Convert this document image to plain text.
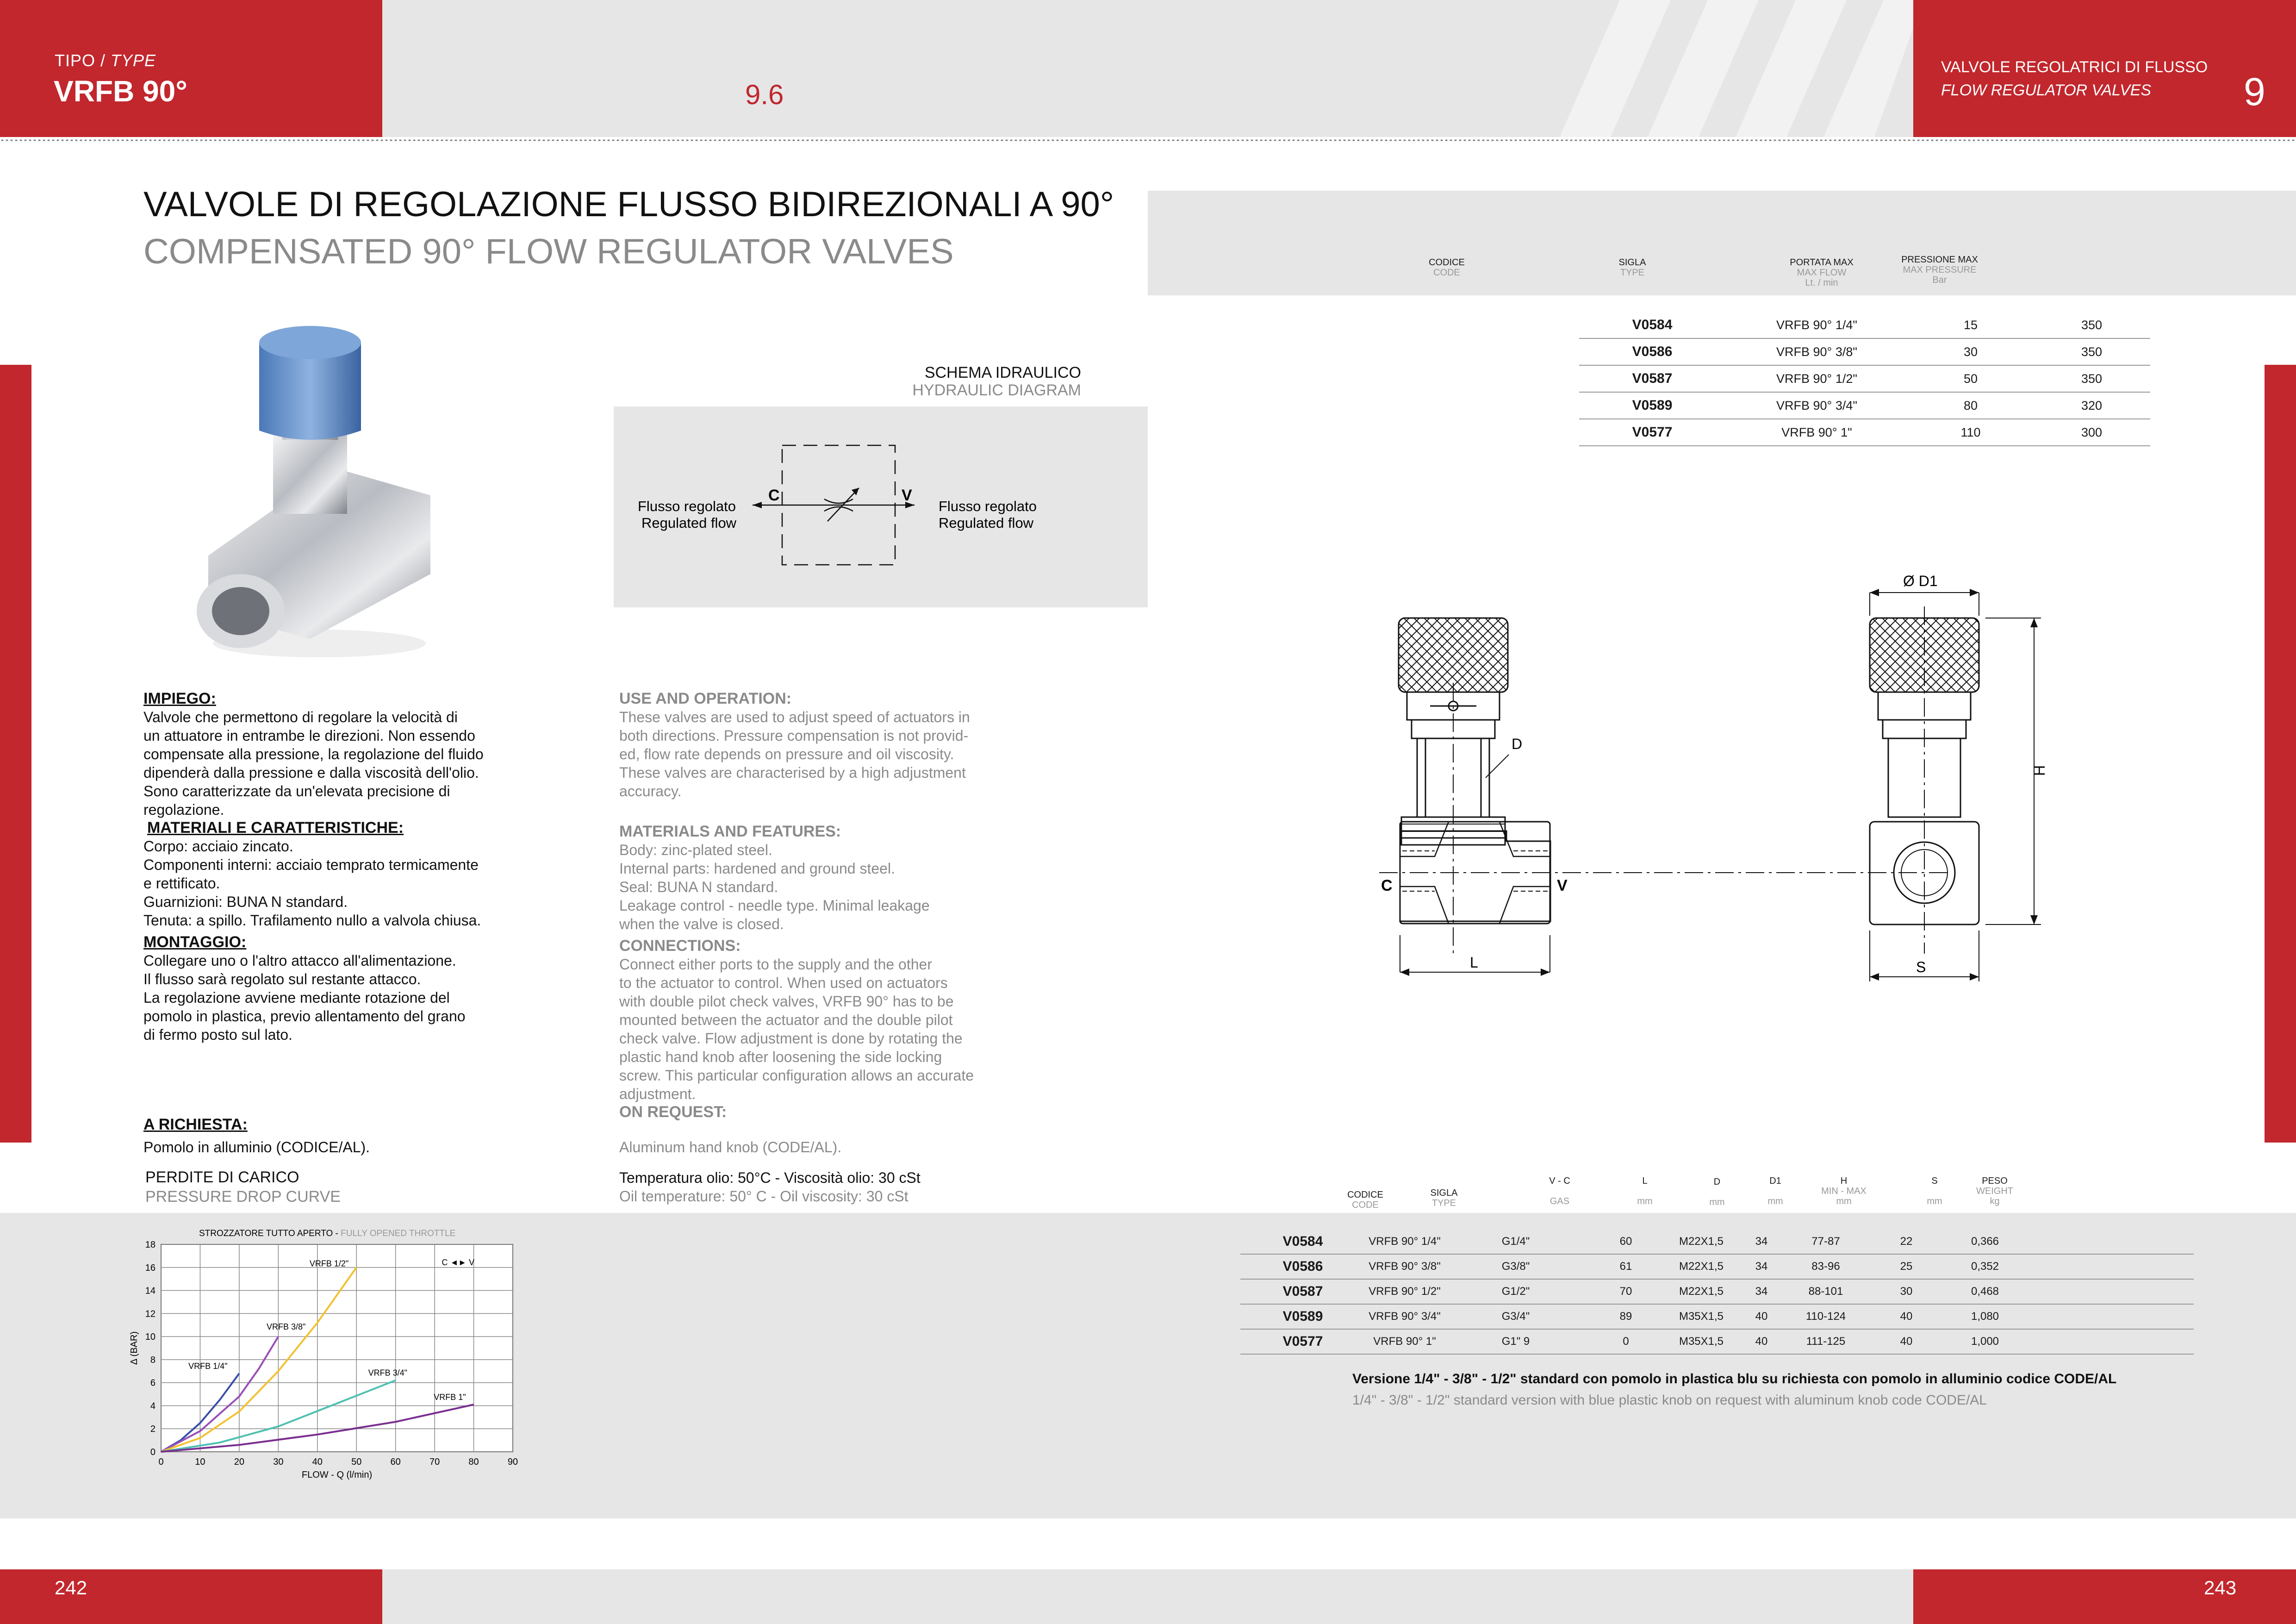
TIPO / TYPE
VRFB 90°	9.6
VALVOLE REGOLATRICI DI FLUSSO
FLOW REGULATOR VALVES 9
VALVOLE DI REGOLAZIONE FLUSSO BIDIREZIONALI A 90°
COMPENSATED 90° FLOW REGULATOR VALVES
SCHEMA IDRAULICO
HYDRAULIC DIAGRAM
C	V
Flusso regolato
Regulated flow
Flusso regolato
Regulated flow
IMPIEGO:
Valvole che permettono di regolare la velocità di
un attuatore in entrambe le direzioni. Non essendo
compensate alla pressione, la regolazione del fluido
dipenderà dalla pressione e dalla viscosità dell'olio.
Sono caratterizzate da un'elevata precisione di
regolazione.
MATERIALI E CARATTERISTICHE:
Corpo: acciaio zincato.
Componenti interni: acciaio temprato termicamente
e rettificato.
Guarnizioni: BUNA N standard.
Tenuta: a spillo. Trafilamento nullo a valvola chiusa.
MONTAGGIO:
Collegare uno o l'altro attacco all'alimentazione.
Il flusso sarà regolato sul restante attacco.
La regolazione avviene mediante rotazione del
pomolo in plastica, previo allentamento del grano
di fermo posto sul lato.
A RICHIESTA:
Pomolo in alluminio (CODICE/AL).
PERDITE DI CARICO
PRESSURE DROP CURVE
USE AND OPERATION:
These valves are used to adjust speed of actuators in
both directions. Pressure compensation is not provid-
ed, flow rate depends on pressure and oil viscosity.
These valves are characterised by a high adjustment
accuracy.
MATERIALS AND FEATURES:
Body: zinc-plated steel.
Internal parts: hardened and ground steel.
Seal: BUNA N standard.
Leakage control - needle type. Minimal leakage
when the valve is closed.
CONNECTIONS:
Connect either ports to the supply and the other
to the actuator to control. When used on actuators
with double pilot check valves, VRFB 90° has to be
mounted between the actuator and the double pilot
check valve. Flow adjustment is done by rotating the
plastic hand knob after loosening the side locking
screw. This particular configuration allows an accurate
adjustment.
ON REQUEST:
Aluminum hand knob (CODE/AL).
Temperatura olio: 50°C - Viscosità olio: 30 cSt
Oil temperature: 50° C - Oil viscosity: 30 cSt
CODICE
CODE
SIGLA
TYPE
PORTATA MAX
MAX FLOW
Lt. / min
PRESSIONE MAX
MAX PRESSURE
Bar
	V0584	VRFB 90° 1/4"	15	350
	V0586	VRFB 90° 3/8"	30	350
	V0587	VRFB 90° 1/2"	50	350
	V0589	VRFB 90° 3/4"	80	320
	V0577	VRFB 90° 1"	110	300
D
C	V
L
Ø D1
H
S
0	10	20	30	40	50	60	70	80	90
0
2
4
6
8
10
12
14
16
18
STROZZATORE TUTTO APERTO - FULLY OPENED THROTTLE
FLOW - Q (l/min)
Δ (BAR)
C ◄► V
VRFB 1/4"
VRFB 3/8"
VRFB 1/2"
VRFB 3/4"
VRFB 1"
CODICE
CODE
SIGLA
TYPE
V - C
GAS
L
mm
D
mm
D1
mm
H
MIN - MAX
mm
S
mm
PESO
WEIGHT
kg
V0584	VRFB 90° 1/4"	G1/4"	60	M22X1,5	34	77-87	22	0,366	
V0586	VRFB 90° 3/8"	G3/8"	61	M22X1,5	34	83-96	25	0,352	
V0587	VRFB 90° 1/2"	G1/2"	70	M22X1,5	34	88-101	30	0,468	
V0589	VRFB 90° 3/4"	G3/4"	89	M35X1,5	40	110-124	40	1,080	
V0577	VRFB 90° 1"	G1" 9	0	M35X1,5	40	111-125	40	1,000	
Versione 1/4" - 3/8" - 1/2" standard con pomolo in plastica blu su richiesta con pomolo in alluminio codice CODE/AL
1/4" - 3/8" - 1/2" standard version with blue plastic knob on request with aluminum knob code CODE/AL
242	243
